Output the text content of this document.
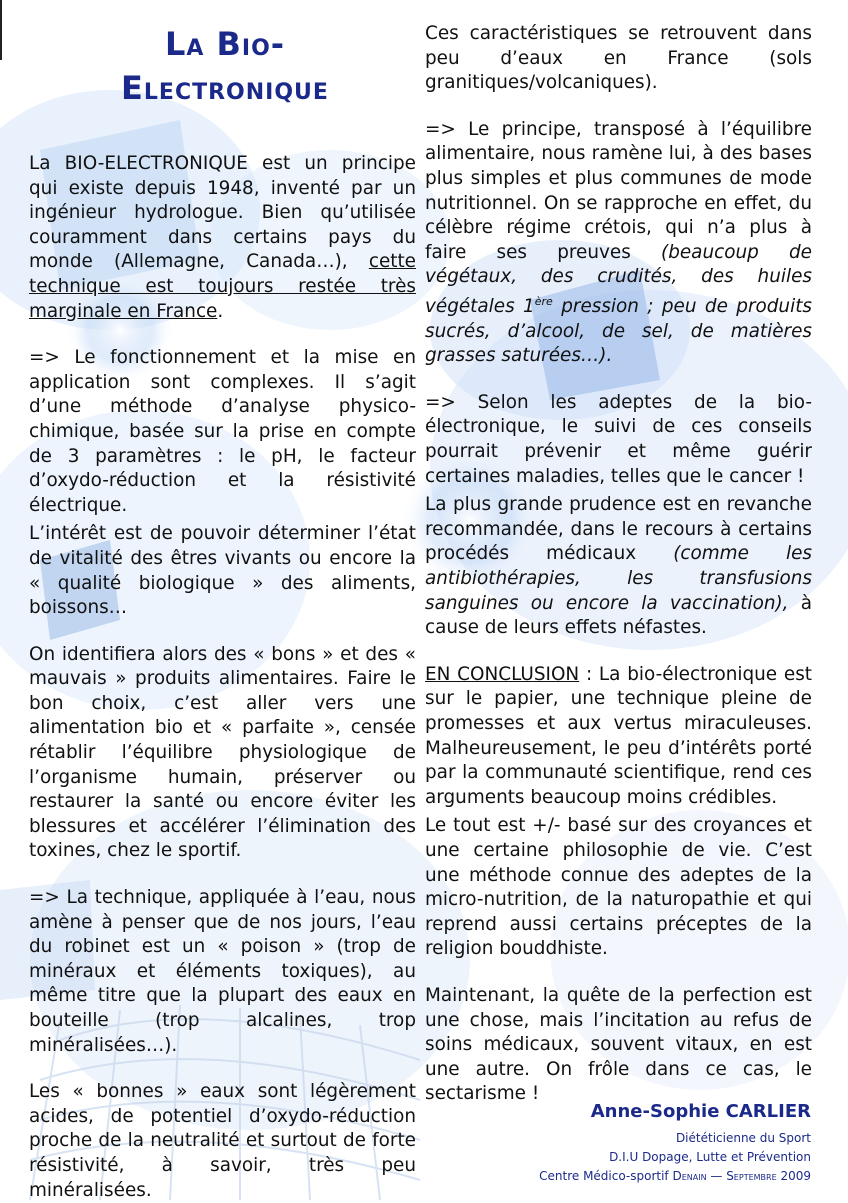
La Bio-
Electronique

La BIO-ELECTRONIQUE est un principe qui existe depuis 1948, inventé par un ingénieur hydrologue. Bien qu’utilisée couramment dans certains pays du monde (Allemagne, Canada…), cette technique est toujours restée très marginale en France.

=> Le fonctionnement et la mise en application sont complexes. Il s’agit d’une méthode d’analyse physico-chimique, basée sur la prise en compte de 3 paramètres : le pH, le facteur d’oxydo-réduction et la résistivité électrique.

L’intérêt est de pouvoir déterminer l’état de vitalité des êtres vivants ou encore la « qualité biologique » des aliments, boissons…

On identifiera alors des « bons » et des « mauvais » produits alimentaires. Faire le bon choix, c’est aller vers une alimentation bio et « parfaite », censée rétablir l’équilibre physiologique de l’organisme humain, préserver ou restaurer la santé ou encore éviter les blessures et accélérer l’élimination des toxines, chez le sportif.

=> La technique, appliquée à l’eau, nous amène à penser que de nos jours, l’eau du robinet est un « poison » (trop de minéraux et éléments toxiques), au même titre que la plupart des eaux en bouteille (trop alcalines, trop minéralisées…).

Les « bonnes » eaux sont légèrement acides, de potentiel d’oxydo-réduction proche de la neutralité et surtout de forte résistivité, à savoir, très peu minéralisées.

Ces caractéristiques se retrouvent dans peu d’eaux en France (sols granitiques/volcaniques).

=> Le principe, transposé à l’équilibre alimentaire, nous ramène lui, à des bases plus simples et plus communes de mode nutritionnel. On se rapproche en effet, du célèbre régime crétois, qui n’a plus à faire ses preuves (beaucoup de végétaux, des crudités, des huiles végétales 1ère pression ; peu de produits sucrés, d’alcool, de sel, de matières grasses saturées…).

=> Selon les adeptes de la bio-électronique, le suivi de ces conseils pourrait prévenir et même guérir certaines maladies, telles que le cancer !

La plus grande prudence est en revanche recommandée, dans le recours à certains procédés médicaux (comme les antibiothérapies, les transfusions sanguines ou encore la vaccination), à cause de leurs effets néfastes.

EN CONCLUSION : La bio-électronique est sur le papier, une technique pleine de promesses et aux vertus miraculeuses. Malheureusement, le peu d’intérêts porté par la communauté scientifique, rend ces arguments beaucoup moins crédibles.

Le tout est +/- basé sur des croyances et une certaine philosophie de vie. C’est une méthode connue des adeptes de la micro-nutrition, de la naturopathie et qui reprend aussi certains préceptes de la religion bouddhiste.

Maintenant, la quête de la perfection est une chose, mais l’incitation au refus de soins médicaux, souvent vitaux, en est une autre. On frôle dans ce cas, le sectarisme !

Anne-Sophie CARLIER
Diététicienne du Sport
D.I.U Dopage, Lutte et Prévention
Centre Médico-sportif Denain — Septembre 2009
